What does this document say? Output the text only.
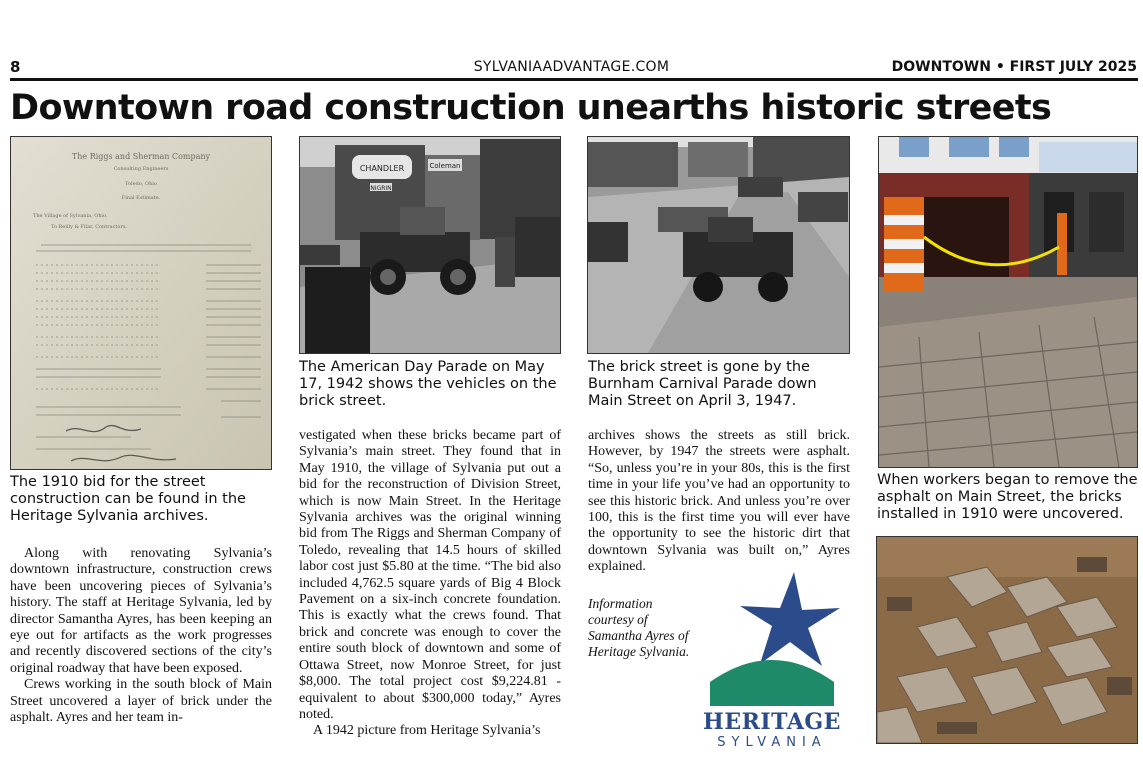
8	SYLVANIAADVANTAGE.COM	DOWNTOWN • FIRST JULY 2025
Downtown road construction unearths historic streets
The Riggs and Sherman Company
Consulting Engineers
Toledo, Ohio
Final Estimate.
The Village of Sylvania, Ohio.
To Reilly & Filar, Contractors.
The 1910 bid for the street construction can be found in the Heritage Sylvania archives.

Along with renovating Sylvania’s downtown infrastructure, construction crews have been uncovering pieces of Sylvania’s history. The staff at Heritage Sylvania, led by director Samantha Ayres, has been keeping an eye out for artifacts as the work progresses and recently discovered sections of the city’s original roadway that have been exposed.

Crews working in the south block of Main Street uncovered a layer of brick under the asphalt. Ayres and her team in-

CHANDLER	Coleman
NIGRIN
The American Day Parade on May 17, 1942 shows the vehicles on the brick street.

vestigated when these bricks became part of Sylvania’s main street. They found that in May 1910, the village of Sylvania put out a bid for the reconstruction of Division Street, which is now Main Street. In the Heritage Sylvania archives was the original winning bid from The Riggs and Sherman Company of Toledo, revealing that 14.5 hours of skilled labor cost just $5.80 at the time. “The bid also included 4,762.5 square yards of Big 4 Block Pavement on a six-inch concrete foundation. This is exactly what the crews found. That brick and concrete was enough to cover the entire south block of downtown and some of Ottawa Street, now Monroe Street, for just $8,000. The total project cost $9,224.81 - equivalent to about $300,000 today,” Ayres noted.

A 1942 picture from Heritage Sylvania’s

The brick street is gone by the Burnham Carnival Parade down Main Street on April 3, 1947.

archives shows the streets as still brick. However, by 1947 the streets were asphalt. “So, unless you’re in your 80s, this is the first time in your life you’ve had an opportunity to see this historic brick. And unless you’re over 100, this is the first time you will ever have the opportunity to see the historic dirt that downtown Sylvania was built on,” Ayres explained.

Information courtesy of Samantha Ayres of Heritage Sylvania.
HERITAGE
SYLVANIA
When workers began to remove the asphalt on Main Street, the bricks installed in 1910 were uncovered.
